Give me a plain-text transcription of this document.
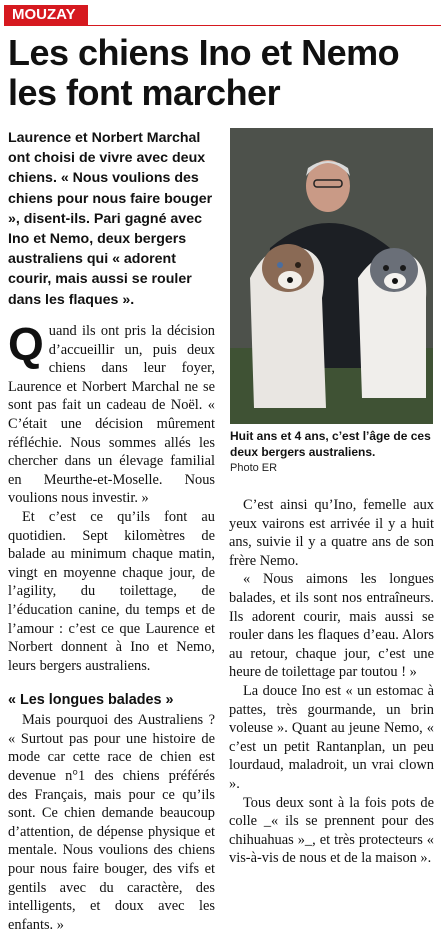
MOUZAY
Les chiens Ino et Nemo les font marcher

Laurence et Norbert Marchal ont choisi de vivre avec deux chiens. « Nous voulions des chiens pour nous faire bouger », disent-ils. Pari gagné avec Ino et Nemo, deux bergers australiens qui « adorent courir, mais aussi se rouler dans les flaques ».

Huit ans et 4 ans, c’est l’âge de ces deux bergers australiens.

Photo ER

Quand ils ont pris la décision d’accueillir un, puis deux chiens dans leur foyer, Laurence et Norbert Marchal ne se sont pas fait un cadeau de Noël. « C’était une décision mûrement réfléchie. Nous sommes allés les chercher dans un élevage familial en Meurthe-et-Moselle. Nous voulions nous investir. »

Et c’est ce qu’ils font au quotidien. Sept kilomètres de balade au minimum chaque matin, vingt en moyenne chaque jour, de l’agility, du toilettage, de l’éducation canine, du temps et de l’amour : c’est ce que Laurence et Norbert donnent à Ino et Nemo, leurs bergers australiens.

« Les longues balades »

Mais pourquoi des Australiens ? « Surtout pas pour une histoire de mode car cette race de chien est devenue n°1 des chiens préférés des Français, mais pour ce qu’ils sont. Ce chien demande beaucoup d’attention, de dépense physique et mentale. Nous voulions des chiens pour nous faire bouger, des vifs et gentils avec du caractère, des intelligents, et doux avec les enfants. »

C’est ainsi qu’Ino, femelle aux yeux vairons est arrivée il y a huit ans, suivie il y a quatre ans de son frère Nemo.

« Nous aimons les longues balades, et ils sont nos entraîneurs. Ils adorent courir, mais aussi se rouler dans les flaques d’eau. Alors au retour, chaque jour, c’est une heure de toilettage par toutou ! »

La douce Ino est « un estomac à pattes, très gourmande, un brin voleuse ». Quant au jeune Nemo, « c’est un petit Rantanplan, un peu lourdaud, maladroit, un vrai clown ».

Tous deux sont à la fois pots de colle _« ils se prennent pour des chihuahuas »_, et très protecteurs « vis-à-vis de nous et de la maison ».
